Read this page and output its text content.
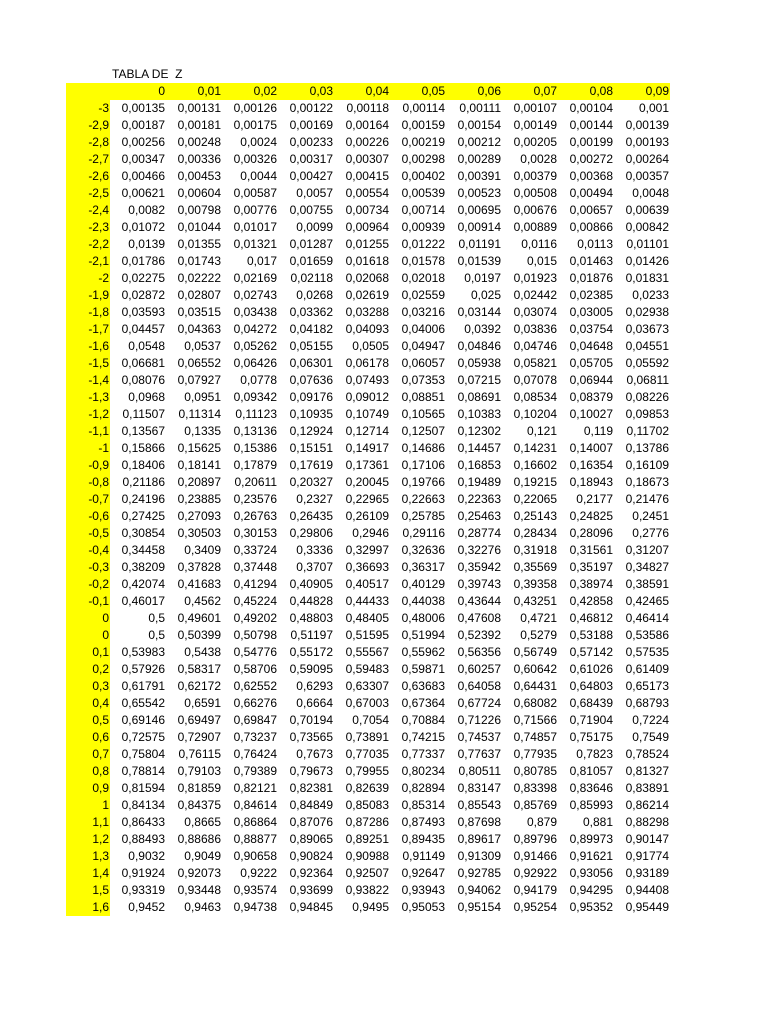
TABLA DE  Z
	0	0,01	0,02	0,03	0,04	0,05	0,06	0,07	0,08	0,09
-3	0,00135	0,00131	0,00126	0,00122	0,00118	0,00114	0,00111	0,00107	0,00104	0,001
-2,9	0,00187	0,00181	0,00175	0,00169	0,00164	0,00159	0,00154	0,00149	0,00144	0,00139
-2,8	0,00256	0,00248	0,0024	0,00233	0,00226	0,00219	0,00212	0,00205	0,00199	0,00193
-2,7	0,00347	0,00336	0,00326	0,00317	0,00307	0,00298	0,00289	0,0028	0,00272	0,00264
-2,6	0,00466	0,00453	0,0044	0,00427	0,00415	0,00402	0,00391	0,00379	0,00368	0,00357
-2,5	0,00621	0,00604	0,00587	0,0057	0,00554	0,00539	0,00523	0,00508	0,00494	0,0048
-2,4	0,0082	0,00798	0,00776	0,00755	0,00734	0,00714	0,00695	0,00676	0,00657	0,00639
-2,3	0,01072	0,01044	0,01017	0,0099	0,00964	0,00939	0,00914	0,00889	0,00866	0,00842
-2,2	0,0139	0,01355	0,01321	0,01287	0,01255	0,01222	0,01191	0,0116	0,0113	0,01101
-2,1	0,01786	0,01743	0,017	0,01659	0,01618	0,01578	0,01539	0,015	0,01463	0,01426
-2	0,02275	0,02222	0,02169	0,02118	0,02068	0,02018	0,0197	0,01923	0,01876	0,01831
-1,9	0,02872	0,02807	0,02743	0,0268	0,02619	0,02559	0,025	0,02442	0,02385	0,0233
-1,8	0,03593	0,03515	0,03438	0,03362	0,03288	0,03216	0,03144	0,03074	0,03005	0,02938
-1,7	0,04457	0,04363	0,04272	0,04182	0,04093	0,04006	0,0392	0,03836	0,03754	0,03673
-1,6	0,0548	0,0537	0,05262	0,05155	0,0505	0,04947	0,04846	0,04746	0,04648	0,04551
-1,5	0,06681	0,06552	0,06426	0,06301	0,06178	0,06057	0,05938	0,05821	0,05705	0,05592
-1,4	0,08076	0,07927	0,0778	0,07636	0,07493	0,07353	0,07215	0,07078	0,06944	0,06811
-1,3	0,0968	0,0951	0,09342	0,09176	0,09012	0,08851	0,08691	0,08534	0,08379	0,08226
-1,2	0,11507	0,11314	0,11123	0,10935	0,10749	0,10565	0,10383	0,10204	0,10027	0,09853
-1,1	0,13567	0,1335	0,13136	0,12924	0,12714	0,12507	0,12302	0,121	0,119	0,11702
-1	0,15866	0,15625	0,15386	0,15151	0,14917	0,14686	0,14457	0,14231	0,14007	0,13786
-0,9	0,18406	0,18141	0,17879	0,17619	0,17361	0,17106	0,16853	0,16602	0,16354	0,16109
-0,8	0,21186	0,20897	0,20611	0,20327	0,20045	0,19766	0,19489	0,19215	0,18943	0,18673
-0,7	0,24196	0,23885	0,23576	0,2327	0,22965	0,22663	0,22363	0,22065	0,2177	0,21476
-0,6	0,27425	0,27093	0,26763	0,26435	0,26109	0,25785	0,25463	0,25143	0,24825	0,2451
-0,5	0,30854	0,30503	0,30153	0,29806	0,2946	0,29116	0,28774	0,28434	0,28096	0,2776
-0,4	0,34458	0,3409	0,33724	0,3336	0,32997	0,32636	0,32276	0,31918	0,31561	0,31207
-0,3	0,38209	0,37828	0,37448	0,3707	0,36693	0,36317	0,35942	0,35569	0,35197	0,34827
-0,2	0,42074	0,41683	0,41294	0,40905	0,40517	0,40129	0,39743	0,39358	0,38974	0,38591
-0,1	0,46017	0,4562	0,45224	0,44828	0,44433	0,44038	0,43644	0,43251	0,42858	0,42465
0	0,5	0,49601	0,49202	0,48803	0,48405	0,48006	0,47608	0,4721	0,46812	0,46414
0	0,5	0,50399	0,50798	0,51197	0,51595	0,51994	0,52392	0,5279	0,53188	0,53586
0,1	0,53983	0,5438	0,54776	0,55172	0,55567	0,55962	0,56356	0,56749	0,57142	0,57535
0,2	0,57926	0,58317	0,58706	0,59095	0,59483	0,59871	0,60257	0,60642	0,61026	0,61409
0,3	0,61791	0,62172	0,62552	0,6293	0,63307	0,63683	0,64058	0,64431	0,64803	0,65173
0,4	0,65542	0,6591	0,66276	0,6664	0,67003	0,67364	0,67724	0,68082	0,68439	0,68793
0,5	0,69146	0,69497	0,69847	0,70194	0,7054	0,70884	0,71226	0,71566	0,71904	0,7224
0,6	0,72575	0,72907	0,73237	0,73565	0,73891	0,74215	0,74537	0,74857	0,75175	0,7549
0,7	0,75804	0,76115	0,76424	0,7673	0,77035	0,77337	0,77637	0,77935	0,7823	0,78524
0,8	0,78814	0,79103	0,79389	0,79673	0,79955	0,80234	0,80511	0,80785	0,81057	0,81327
0,9	0,81594	0,81859	0,82121	0,82381	0,82639	0,82894	0,83147	0,83398	0,83646	0,83891
1	0,84134	0,84375	0,84614	0,84849	0,85083	0,85314	0,85543	0,85769	0,85993	0,86214
1,1	0,86433	0,8665	0,86864	0,87076	0,87286	0,87493	0,87698	0,879	0,881	0,88298
1,2	0,88493	0,88686	0,88877	0,89065	0,89251	0,89435	0,89617	0,89796	0,89973	0,90147
1,3	0,9032	0,9049	0,90658	0,90824	0,90988	0,91149	0,91309	0,91466	0,91621	0,91774
1,4	0,91924	0,92073	0,9222	0,92364	0,92507	0,92647	0,92785	0,92922	0,93056	0,93189
1,5	0,93319	0,93448	0,93574	0,93699	0,93822	0,93943	0,94062	0,94179	0,94295	0,94408
1,6	0,9452	0,9463	0,94738	0,94845	0,9495	0,95053	0,95154	0,95254	0,95352	0,95449
